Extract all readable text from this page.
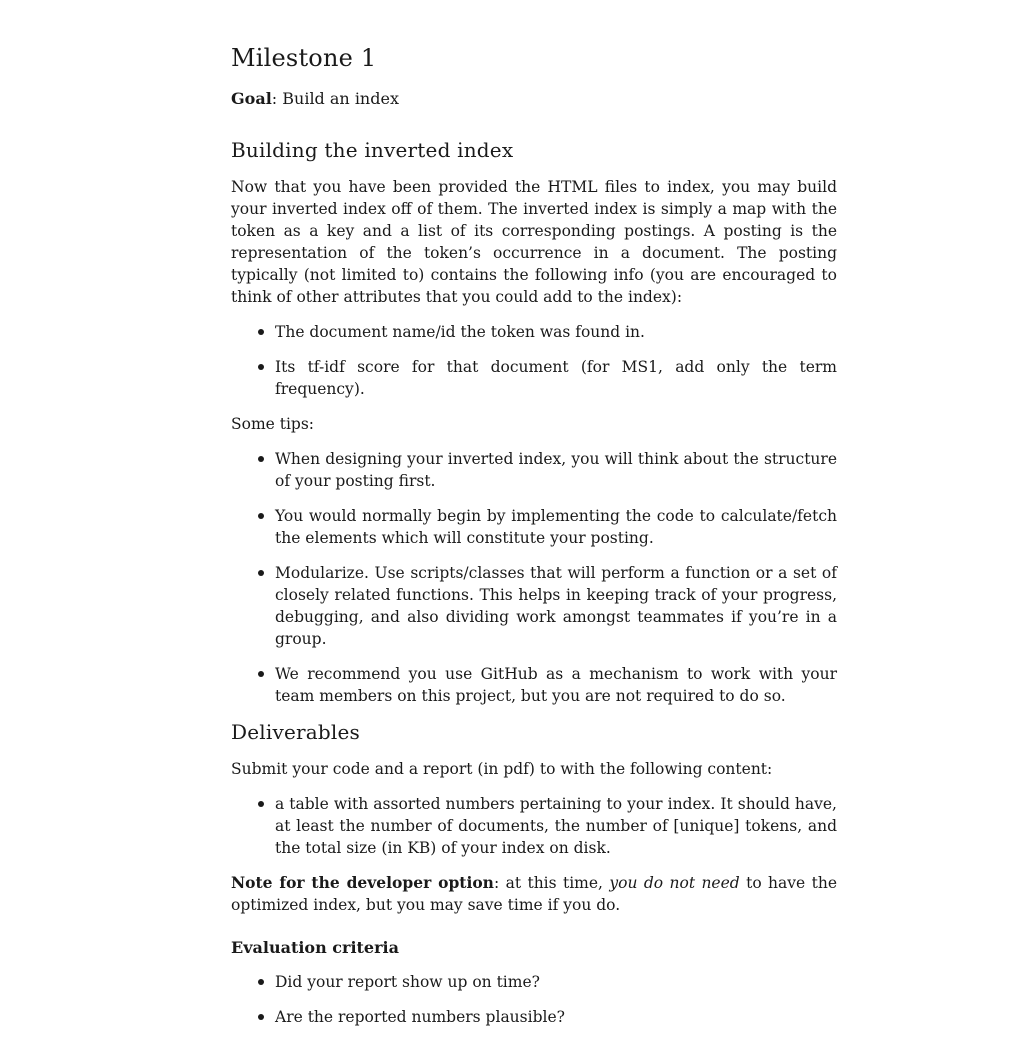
Milestone 1

Goal: Build an index

Building the inverted index

Now that you have been provided the HTML files to index, you may build your inverted index off of them. The inverted index is simply a map with the token as a key and a list of its corresponding postings. A posting is the representation of the token’s occurrence in a document. The posting typically (not limited to) contains the following info (you are encouraged to think of other attributes that you could add to the index):

The document name/id the token was found in.
Its tf-idf score for that document (for MS1, add only the term frequency).

Some tips:

When designing your inverted index, you will think about the structure of your posting first.
You would normally begin by implementing the code to calculate/fetch the elements which will constitute your posting.
Modularize. Use scripts/classes that will perform a function or a set of closely related functions. This helps in keeping track of your progress, debugging, and also dividing work amongst teammates if you’re in a group.
We recommend you use GitHub as a mechanism to work with your team members on this project, but you are not required to do so.
Deliverables

Submit your code and a report (in pdf) to with the following content:

a table with assorted numbers pertaining to your index. It should have, at least the number of documents, the number of [unique] tokens, and the total size (in KB) of your index on disk.

Note for the developer option: at this time, you do not need to have the optimized index, but you may save time if you do.

Evaluation criteria
Did your report show up on time?
Are the reported numbers plausible?
